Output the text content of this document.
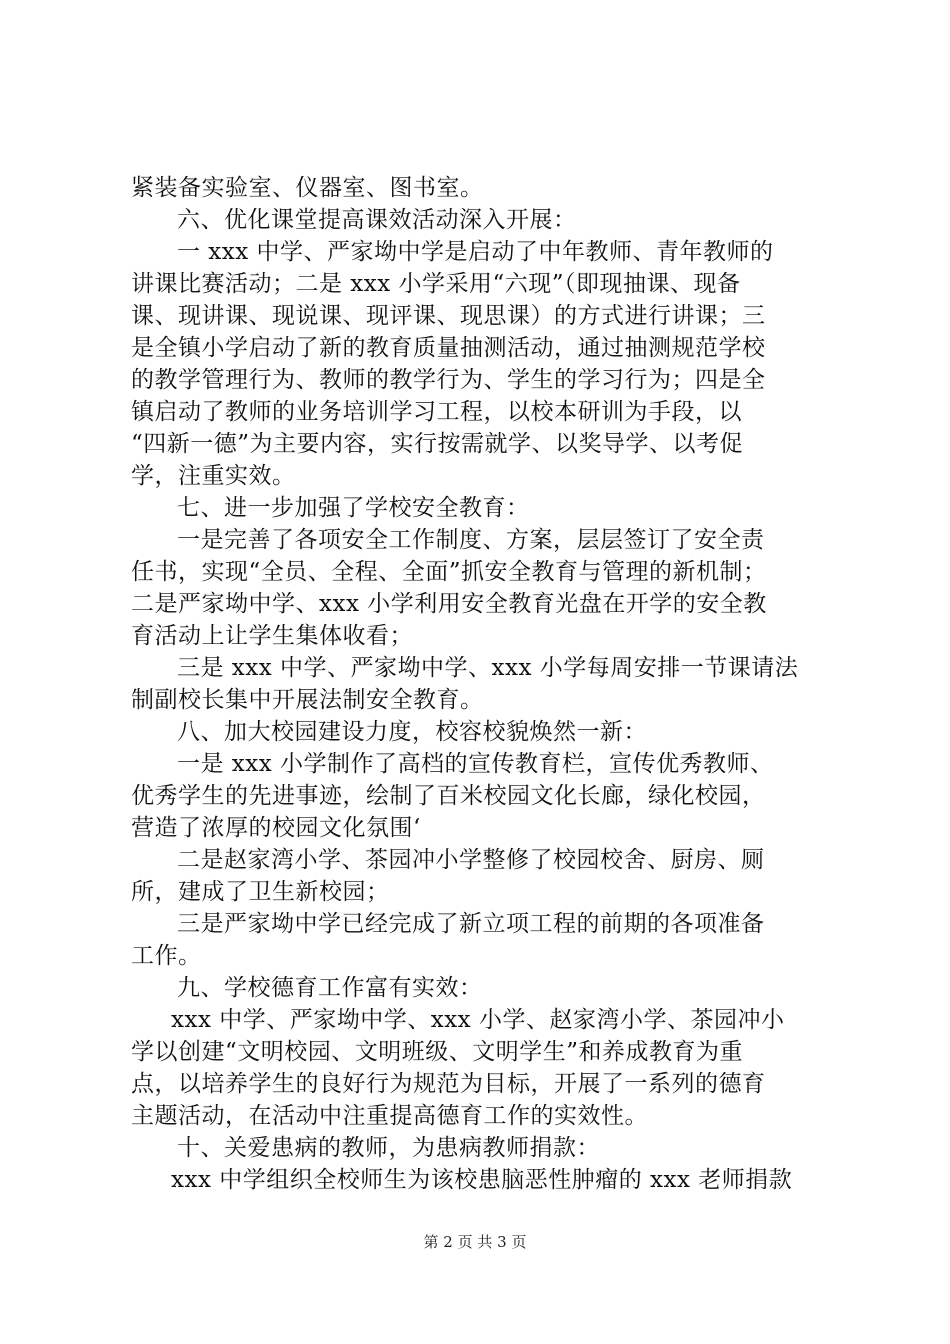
紧装备实验室、仪器室、图书室。

六、优化课堂提高课效活动深入开展：

一 xxx 中学、严家坳中学是启动了中年教师、青年教师的

讲课比赛活动；二是 xxx 小学采用“六现”（即现抽课、现备

课、现讲课、现说课、现评课、现思课）的方式进行讲课；三

是全镇小学启动了新的教育质量抽测活动，通过抽测规范学校

的教学管理行为、教师的教学行为、学生的学习行为；四是全

镇启动了教师的业务培训学习工程，以校本研训为手段，以

“四新一德”为主要内容，实行按需就学、以奖导学、以考促

学，注重实效。

七、进一步加强了学校安全教育：

一是完善了各项安全工作制度、方案，层层签订了安全责

任书，实现“全员、全程、全面”抓安全教育与管理的新机制；

二是严家坳中学、xxx 小学利用安全教育光盘在开学的安全教

育活动上让学生集体收看；

三是 xxx 中学、严家坳中学、xxx 小学每周安排一节课请法

制副校长集中开展法制安全教育。

八、加大校园建设力度，校容校貌焕然一新：

一是 xxx 小学制作了高档的宣传教育栏，宣传优秀教师、

优秀学生的先进事迹，绘制了百米校园文化长廊，绿化校园，

营造了浓厚的校园文化氛围‘

二是赵家湾小学、茶园冲小学整修了校园校舍、厨房、厕

所，建成了卫生新校园；

三是严家坳中学已经完成了新立项工程的前期的各项准备

工作。

九、学校德育工作富有实效：

xxx 中学、严家坳中学、xxx 小学、赵家湾小学、茶园冲小

学以创建“文明校园、文明班级、文明学生”和养成教育为重

点，以培养学生的良好行为规范为目标，开展了一系列的德育

主题活动，在活动中注重提高德育工作的实效性。

十、关爱患病的教师，为患病教师捐款：

xxx 中学组织全校师生为该校患脑恶性肿瘤的 xxx 老师捐款

第 2 页 共 3 页
